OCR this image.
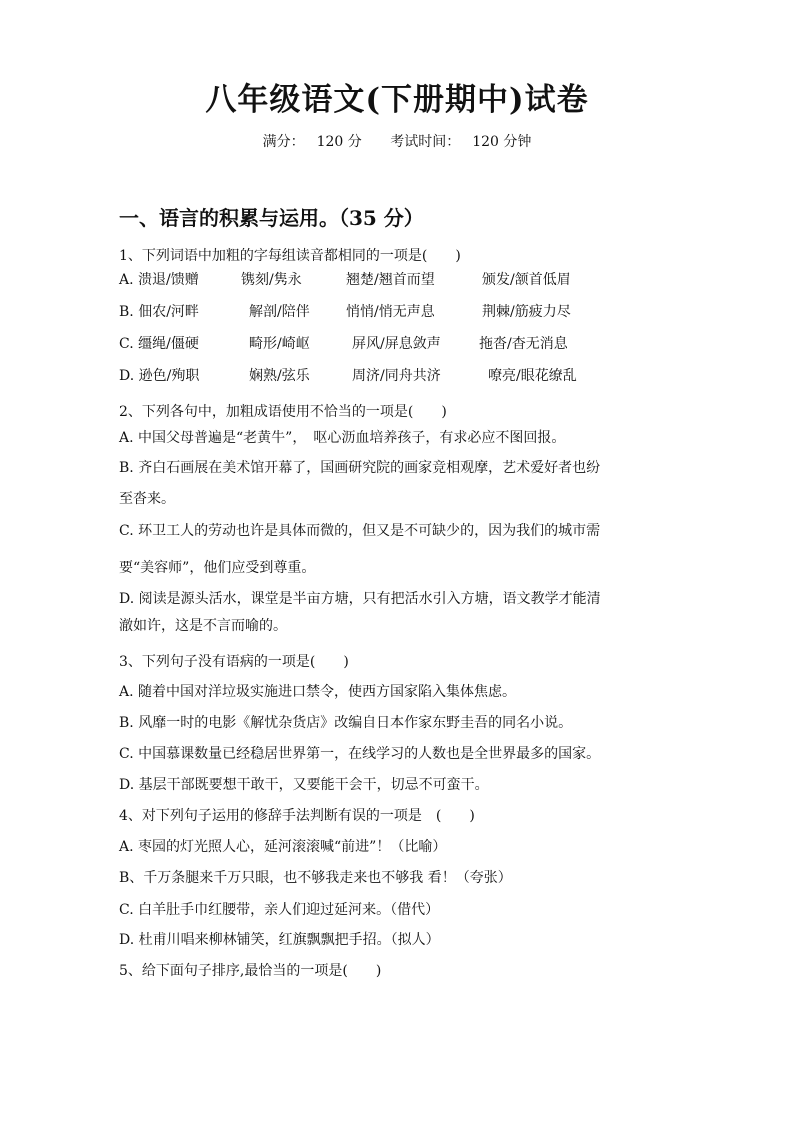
八年级语文(下册期中)试卷
满分： 120 分 考试时间： 120 分钟
一、语言的积累与运用。（35 分）
1、下列词语中加粗的字每组读音都相同的一项是(　　)
A. 溃退/馈赠	镌刻/隽永	翘楚/翘首而望	颁发/颔首低眉
B. 佃农/河畔	解剖/陪伴	悄悄/悄无声息	荆棘/筋疲力尽
C. 缰绳/僵硬	畸形/崎岖	屏风/屏息敛声	拖沓/杳无消息
D. 逊色/殉职	娴熟/弦乐	周济/同舟共济	嘹亮/眼花缭乱
2、下列各句中，加粗成语使用不恰当的一项是(　　)
A. 中国父母普遍是“老黄牛”，　呕心沥血培养孩子，有求必应不图回报。
B. 齐白石画展在美术馆开幕了，国画研究院的画家竞相观摩，艺术爱好者也纷
至沓来。
C. 环卫工人的劳动也许是具体而微的，但又是不可缺少的，因为我们的城市需
要“美容师”，他们应受到尊重。
D. 阅读是源头活水，课堂是半亩方塘，只有把活水引入方塘，语文教学才能清
澈如许，这是不言而喻的。
3、下列句子没有语病的一项是(　　)
A. 随着中国对洋垃圾实施进口禁令，使西方国家陷入集体焦虑。
B. 风靡一时的电影《解忧杂货店》改编自日本作家东野圭吾的同名小说。
C. 中国慕课数量已经稳居世界第一，在线学习的人数也是全世界最多的国家。
D. 基层干部既要想干敢干，又要能干会干，切忌不可蛮干。
4、对下列句子运用的修辞手法判断有误的一项是　(　　)
A. 枣园的灯光照人心，延河滚滚喊“前进”！（比喻）
B、千万条腿来千万只眼，也不够我走来也不够我 看！（夸张）
C. 白羊肚手巾红腰带，亲人们迎过延河来。（借代）
D. 杜甫川唱来柳林铺笑，红旗飘飘把手招。（拟人）
5、给下面句子排序,最恰当的一项是(　　)
